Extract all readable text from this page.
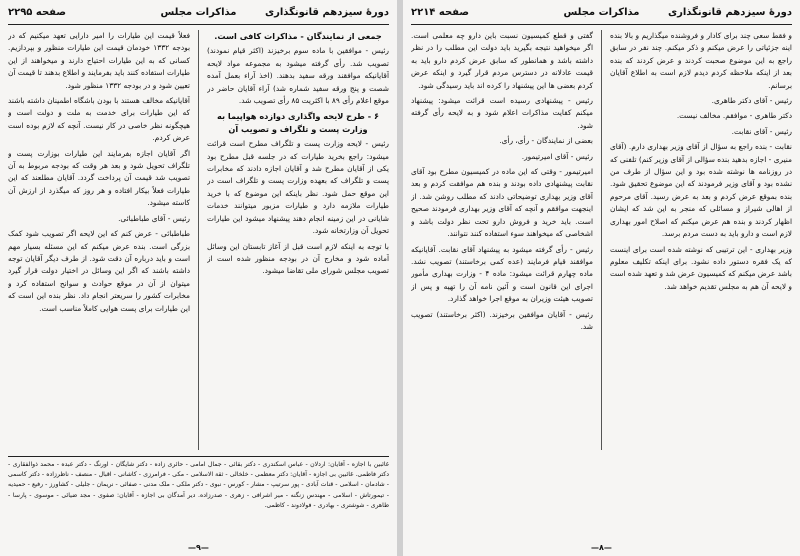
دورهٔ سیزدهم قانونگذاری
مذاکرات مجلس
صفحه ۲۲۹۵

جمعی از نمایندگان - مذاکرات کافی است.

رئیس - موافقین با ماده سوم برخیزند (اکثر قیام نمودند) تصویب شد. رأی گرفته میشود به مجموعه مواد لایحه آقایانیکه موافقند ورقه سفید بدهند. (اخذ آراء بعمل آمده شصت و پنج ورقه سفید شماره شد) آراء آقایان حاضر در موقع اعلام رأی ۸۹ با اکثریت ۸۵ رأی تصویب شد.

۶ - طرح لایحه واگذاری دوازده هواپیما به وزارت پست و تلگراف و تصویب آن

رئیس - لایحه وزارت پست و تلگراف مطرح است قرائت میشود: راجع بخرید طیارات که در جلسه قبل مطرح بود یکی از آقایان مطرح شد و آقایان اجازه دادند که مخابرات پست و تلگراف که بعهده وزارت پست و تلگراف است در این موقع حمل شود. نظر باینکه این موضوع که با خرید طیارات ملازمه دارد و طیارات مزبور میتوانند خدمات شایانی در این زمینه انجام دهند پیشنهاد میشود این طیارات تحویل آن وزارتخانه شود.

با توجه به اینکه لازم است قبل از آغاز تابستان این وسائل آماده شود و مخارج آن در بودجه منظور شده است از تصویب مجلس شورای ملی تقاضا میشود.

فعلاً قیمت این طیارات را امیر دارایی تعهد میکنیم که در بودجه ۱۳۳۲ خودمان قیمت این طیارات منظور و بپردازیم. کسانی که به این طیارات احتیاج دارند و میخواهند از این طیارات استفاده کنند باید بفرمایند و اطلاع بدهند تا قیمت آن تعیین شود و در بودجه ۱۳۳۲ منظور شود.

آقایانیکه مخالف هستند با بودن باشگاه اطمینان داشته باشند که این طیارات برای خدمت به ملت و دولت است و هیچگونه نظر خاصی در کار نیست. آنچه که لازم بوده است عرض کردم.

اگر آقایان اجازه بفرمایند این طیارات بوزارت پست و تلگراف تحویل شود و بعد هر وقت که بودجه مربوط به آن تصویب شد قیمت آن پرداخت گردد. آقایان مطلعند که این طیارات فعلاً بیکار افتاده و هر روز که میگذرد از ارزش آن کاسته میشود.

رئیس - آقای طباطبائی.

طباطبائی - عرض کنم که این لایحه اگر تصویب شود کمک بزرگی است. بنده عرض میکنم که این مسئله بسیار مهم است و باید درباره آن دقت شود. از طرف دیگر آقایان توجه داشته باشند که اگر این وسائل در اختیار دولت قرار گیرد میتوان از آن در موقع حوادث و سوانح استفاده کرد و مخابرات کشور را سریعتر انجام داد. نظر بنده این است که این طیارات برای پست هوایی کاملاً مناسب است.

غائبین با اجازه - آقایان: اردلان - عباس اسکندری - دکتر بقائی - جمال امامی - حائری زاده - دکتر شایگان - اورنگ - دکتر عبده - محمد ذوالفقاری - دکتر فاطمی. غائبین بی اجازه - آقایان: دکتر معظمی - خلخالی - ثقة الاسلامی - مکی - فرامرزی - کاشانی - اقبال - منصف - ناظرزاده - دکتر کاسمی - شادمان - اسلامی - قنات آبادی - پور سرتیپ - مشار - کورس - نبوی - دکتر ملکی - ملک مدنی - صفائی - نریمان - جلیلی - کشاورز - رفیع - حمیدیه - تیمورتاش - اسلامی - مهندس زنگنه - میر اشرافی - زهری - صدرزاده. دیر آمدگان بی اجازه - آقایان: صفوی - مجد ضیائی - موسوی - پارسا - طاهری - شوشتری - بهادری - فولادوند - کاظمی.
—۹—
دورهٔ سیزدهم قانونگذاری
مذاکرات مجلس
صفحه ۲۲۱۴

و فقط سعی چند برای کادار و فروشنده میگذاریم و بالا بنده اینه جزئیاتی را عرض میکنم و ذکر میکنم. چند نفر در سابق راجع به این موضوع صحبت کردند و عرض کردند که بنده بعد از اینکه ملاحظه کردم دیدم لازم است به اطلاع آقایان برسانم.

رئیس - آقای دکتر طاهری.

دکتر طاهری - موافقم. مخالف نیست.

رئیس - آقای نقابت.

نقابت - بنده راجع به سؤال از آقای وزیر بهداری دارم. (آقای منیری - اجازه بدهید بنده سؤالی از آقای وزیر کنم) تلفنی که در روزنامه ها نوشته شده بود و این سؤال از طرف من نشده بود و آقای وزیر فرمودند که این موضوع تحقیق شود. بنده بموقع عرض کردم و بعد به عرض رسید. آقای مرحوم از اهالی شیراز و مسائلی که منجر به این شد که ایشان اظهار کردند و بنده هم عرض میکنم که اصلاح امور بهداری لازم است و دارو باید به دست مردم برسد.

وزیر بهداری - این ترتیبی که نوشته شده است برای اینست که یک فقره دستور داده نشود. برای اینکه تکلیف معلوم باشد عرض میکنم که کمیسیون عرض شد و تعهد شده است و لایحه آن هم به مجلس تقدیم خواهد شد.

گفتی و قطع کمیسیون نسبت باین دارو چه معلمی است. اگر میخواهید نتیجه بگیرید باید دولت این مطلب را در نظر داشته باشد و همانطور که سابق عرض کردم دارو باید به قیمت عادلانه در دسترس مردم قرار گیرد و اینکه عرض کردم بعضی ها این پیشنهاد را کرده اند باید رسیدگی شود.

رئیس - پیشنهادی رسیده است قرائت میشود: پیشنهاد میکنم کفایت مذاکرات اعلام شود و به لایحه رأی گرفته شود.

بعضی از نمایندگان - رأی، رأی.

رئیس - آقای امیرتیمور.

امیرتیمور - وقتی که این ماده در کمیسیون مطرح بود آقای نقابت پیشنهادی داده بودند و بنده هم موافقت کردم و بعد آقای وزیر بهداری توضیحاتی دادند که مطلب روشن شد. از اینجهت موافقم و آنچه که آقای وزیر بهداری فرمودند صحیح است. باید خرید و فروش دارو تحت نظر دولت باشد و اشخاصی که میخواهند سوء استفاده کنند نتوانند.

رئیس - رأی گرفته میشود به پیشنهاد آقای نقابت. آقایانیکه موافقند قیام فرمایند (عده کمی برخاستند) تصویب نشد. ماده چهارم قرائت میشود: ماده ۴ - وزارت بهداری مأمور اجرای این قانون است و آئین نامه آن را تهیه و پس از تصویب هیئت وزیران به موقع اجرا خواهد گذارد.

رئیس - آقایان موافقین برخیزند. (اکثر برخاستند) تصویب شد.

—۸—
